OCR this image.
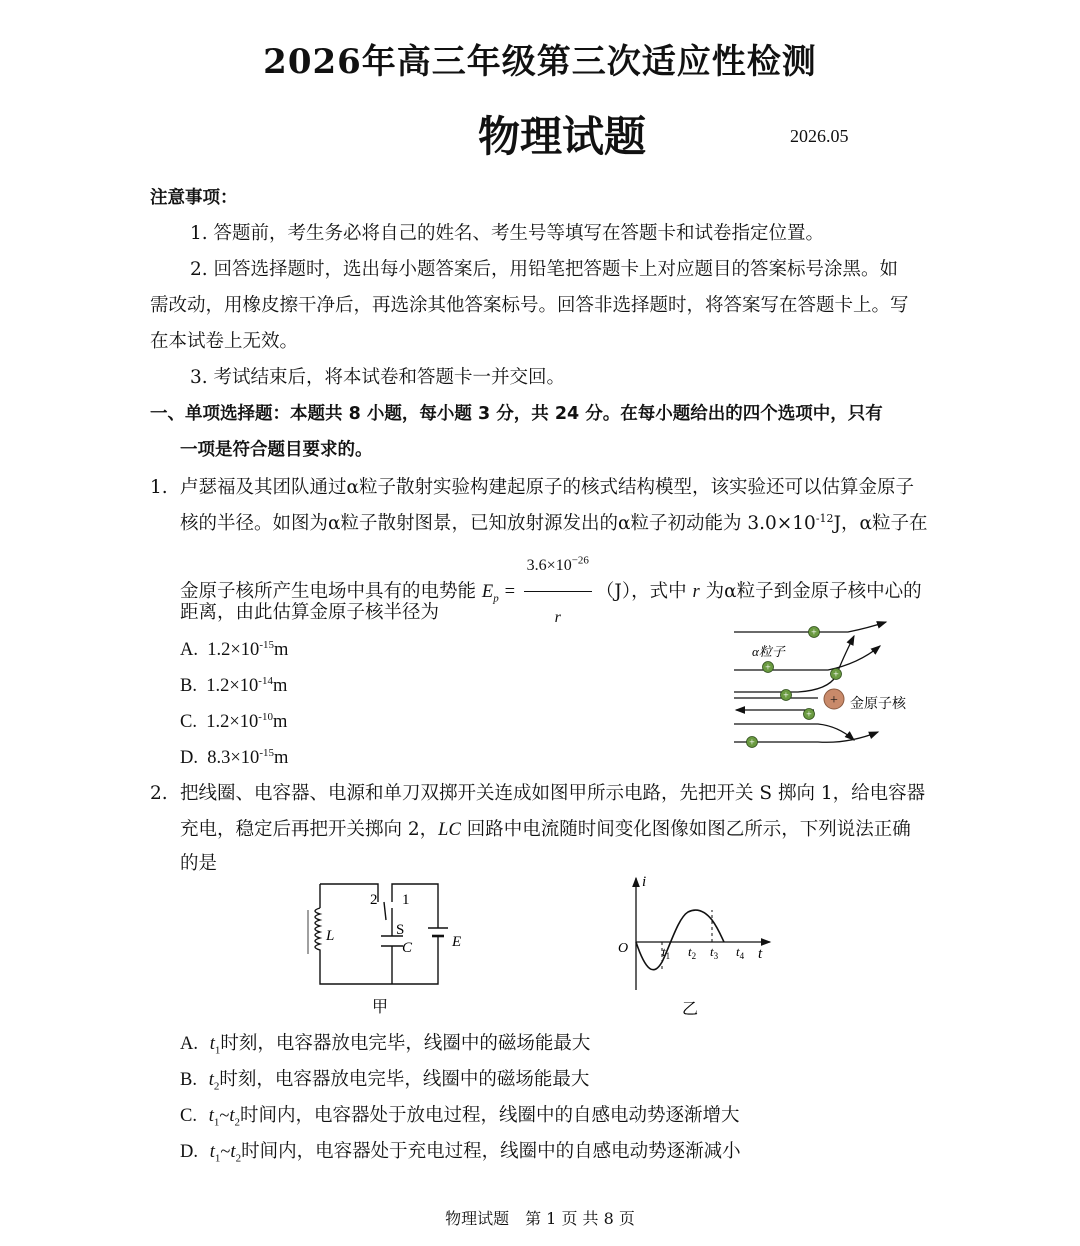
2026年高三年级第三次适应性检测
物理试题	2026.05
注意事项：
1. 答题前，考生务必将自己的姓名、考生号等填写在答题卡和试卷指定位置。
2. 回答选择题时，选出每小题答案后，用铅笔把答题卡上对应题目的答案标号涂黑。如
需改动，用橡皮擦干净后，再选涂其他答案标号。回答非选择题时，将答案写在答题卡上。写
在本试卷上无效。
3. 考试结束后，将本试卷和答题卡一并交回。
一、单项选择题：本题共 8 小题，每小题 3 分，共 24 分。在每小题给出的四个选项中，只有
一项是符合题目要求的。
1. 卢瑟福及其团队通过α粒子散射实验构建起原子的核式结构模型，该实验还可以估算金原子
核的半径。如图为α粒子散射图景，已知放射源发出的α粒子初动能为 $3.0\times 10^{-12}J$，α粒子在
金原子核所产生电场中具有的电势能 $E_p = \frac{3.6\times 10^{-26}}{r} (J)$，式中 r 为α粒子到金原子核中心的
距离，由此估算金原子核半径为
A. $1.2\times 10^{-15}m$
B. $1.2\times 10^{-14}m$
C. $1.2\times 10^{-10}m$
D. $8.3\times 10^{-15}m$
+
+
+
+
+
+
+
α粒子
金原子核
2. 把线圈、电容器、电源和单刀双掷开关连成如图甲所示电路，先把开关 S 掷向 1，给电容器
充电，稳定后再把开关掷向 2，LC 回路中电流随时间变化图像如图乙所示，下列说法正确
的是
2 1
L	S
C	E
甲
O
i
t
$t_1$ $t_2$ $t_3$ $t_4$
乙
A. $t_1$时刻，电容器放电完毕，线圈中的磁场能最大
B. $t_2$时刻，电容器放电完毕，线圈中的磁场能最大
C. $t_1\sim t_2$时间内，电容器处于放电过程，线圈中的自感电动势逐渐增大
D. $t_1\sim t_2$时间内，电容器处于充电过程，线圈中的自感电动势逐渐减小
物理试题　第 1 页 共 8 页
